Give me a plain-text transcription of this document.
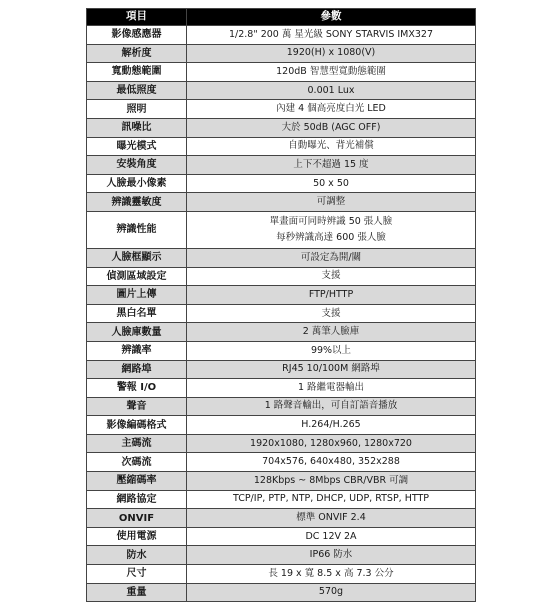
項目	參數
影像感應器	1/2.8" 200 萬 星光級 SONY STARVIS IMX327

解析度	1920(H) x 1080(V)

寬動態範圍	120dB 智慧型寬動態範圍

最低照度	0.001 Lux

照明	內建 4 個高亮度白光 LED

訊噪比	大於 50dB (AGC OFF)

曝光模式	自動曝光、背光補償

安裝角度	上下不超過 15 度

人臉最小像素	50 x 50

辨識靈敏度	可調整

辨識性能	單畫面可同時辨識 50 張人臉
每秒辨識高達 600 張人臉

人臉框顯示	可設定為開/關

偵測區域設定	支援

圖片上傳	FTP/HTTP

黑白名單	支援

人臉庫數量	2 萬筆人臉庫

辨識率	99%以上

網路埠	RJ45 10/100M 網路埠

警報 I/O	1 路繼電器輸出

聲音	1 路聲音輸出，可自訂語音播放

影像編碼格式	H.264/H.265

主碼流	1920x1080, 1280x960, 1280x720

次碼流	704x576, 640x480, 352x288

壓縮碼率	128Kbps ~ 8Mbps CBR/VBR 可調

網路協定	TCP/IP, PTP, NTP, DHCP, UDP, RTSP, HTTP

ONVIF	標準 ONVIF 2.4

使用電源	DC 12V 2A

防水	IP66 防水

尺寸	長 19 x 寬 8.5 x 高 7.3 公分

重量	570g
